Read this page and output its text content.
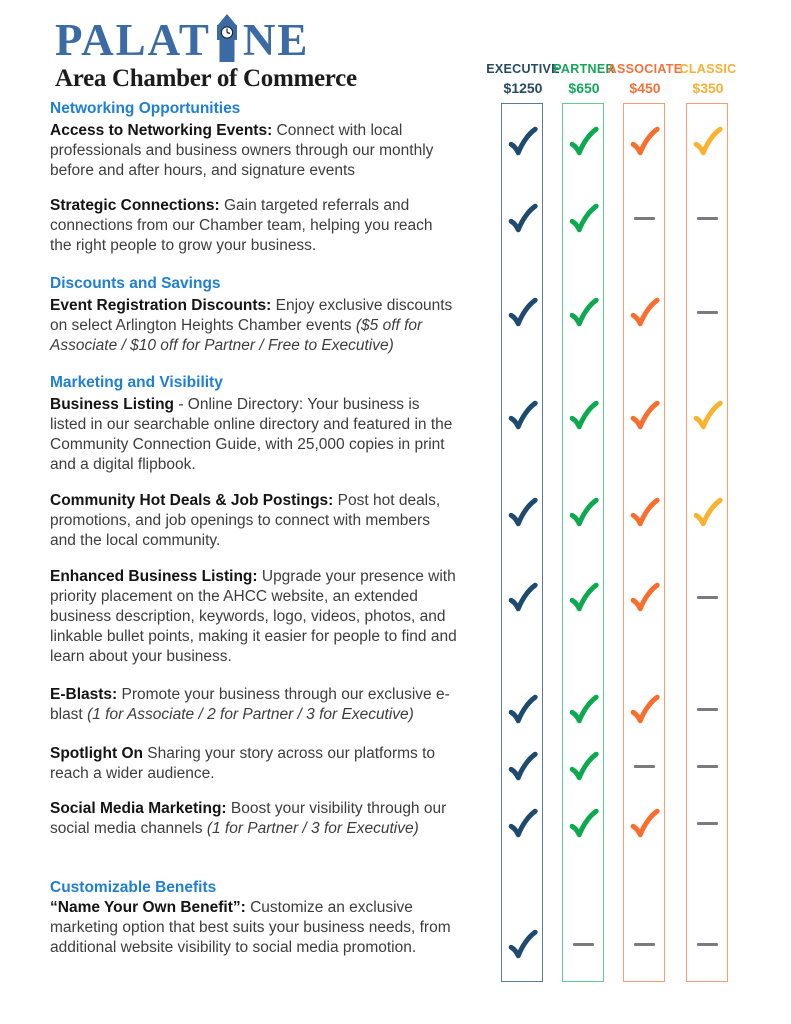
PALAT NE
Area Chamber of Commerce	EXECUTIVE
$1250
PARTNER
$650
ASSOCIATE
$450
CLASSIC
$350
Networking Opportunities
Access to Networking Events: Connect with local professionals and business owners through our monthly before and after hours, and signature events
Strategic Connections: Gain targeted referrals and connections from our Chamber team, helping you reach the right people to grow your business.
Discounts and Savings
Event Registration Discounts: Enjoy exclusive discounts on select Arlington Heights Chamber events ($5 off for Associate / $10 off for Partner / Free to Executive)
Marketing and Visibility
Business Listing - Online Directory: Your business is listed in our searchable online directory and featured in the Community Connection Guide, with 25,000 copies in print and a digital flipbook.
Community Hot Deals & Job Postings: Post hot deals, promotions, and job openings to connect with members and the local community.
Enhanced Business Listing: Upgrade your presence with priority placement on the AHCC website, an extended business description, keywords, logo, videos, photos, and linkable bullet points, making it easier for people to find and learn about your business.
E-Blasts: Promote your business through our exclusive e-blast (1 for Associate / 2 for Partner / 3 for Executive)
Spotlight On Sharing your story across our platforms to reach a wider audience.
Social Media Marketing: Boost your visibility through our social media channels (1 for Partner / 3 for Executive)
Customizable Benefits
“Name Your Own Benefit”: Customize an exclusive marketing option that best suits your business needs, from additional website visibility to social media promotion.
